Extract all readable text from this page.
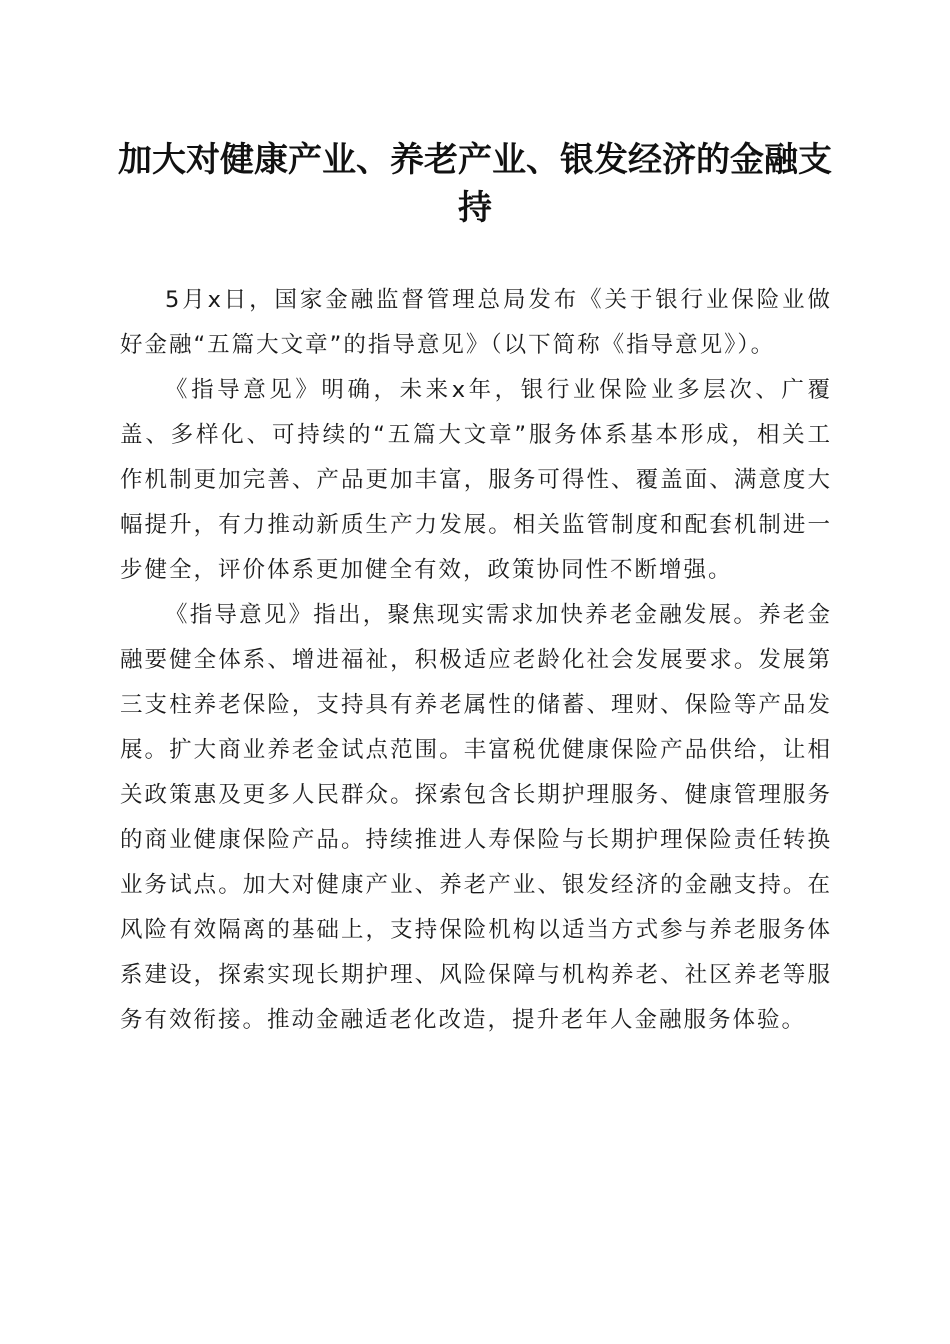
加大对健康产业、养老产业、银发经济的金融支持

5月x日，国家金融监督管理总局发布《关于银行业保险业做好金融“五篇大文章”的指导意见》（以下简称《指导意见》）。

《指导意见》明确，未来x年，银行业保险业多层次、广覆盖、多样化、可持续的“五篇大文章”服务体系基本形成，相关工作机制更加完善、产品更加丰富，服务可得性、覆盖面、满意度大幅提升，有力推动新质生产力发展。相关监管制度和配套机制进一步健全，评价体系更加健全有效，政策协同性不断增强。

《指导意见》指出，聚焦现实需求加快养老金融发展。养老金融要健全体系、增进福祉，积极适应老龄化社会发展要求。发展第三支柱养老保险，支持具有养老属性的储蓄、理财、保险等产品发展。扩大商业养老金试点范围。丰富税优健康保险产品供给，让相关政策惠及更多人民群众。探索包含长期护理服务、健康管理服务的商业健康保险产品。持续推进人寿保险与长期护理保险责任转换业务试点。加大对健康产业、养老产业、银发经济的金融支持。在风险有效隔离的基础上，支持保险机构以适当方式参与养老服务体系建设，探索实现长期护理、风险保障与机构养老、社区养老等服务有效衔接。推动金融适老化改造，提升老年人金融服务体验。
